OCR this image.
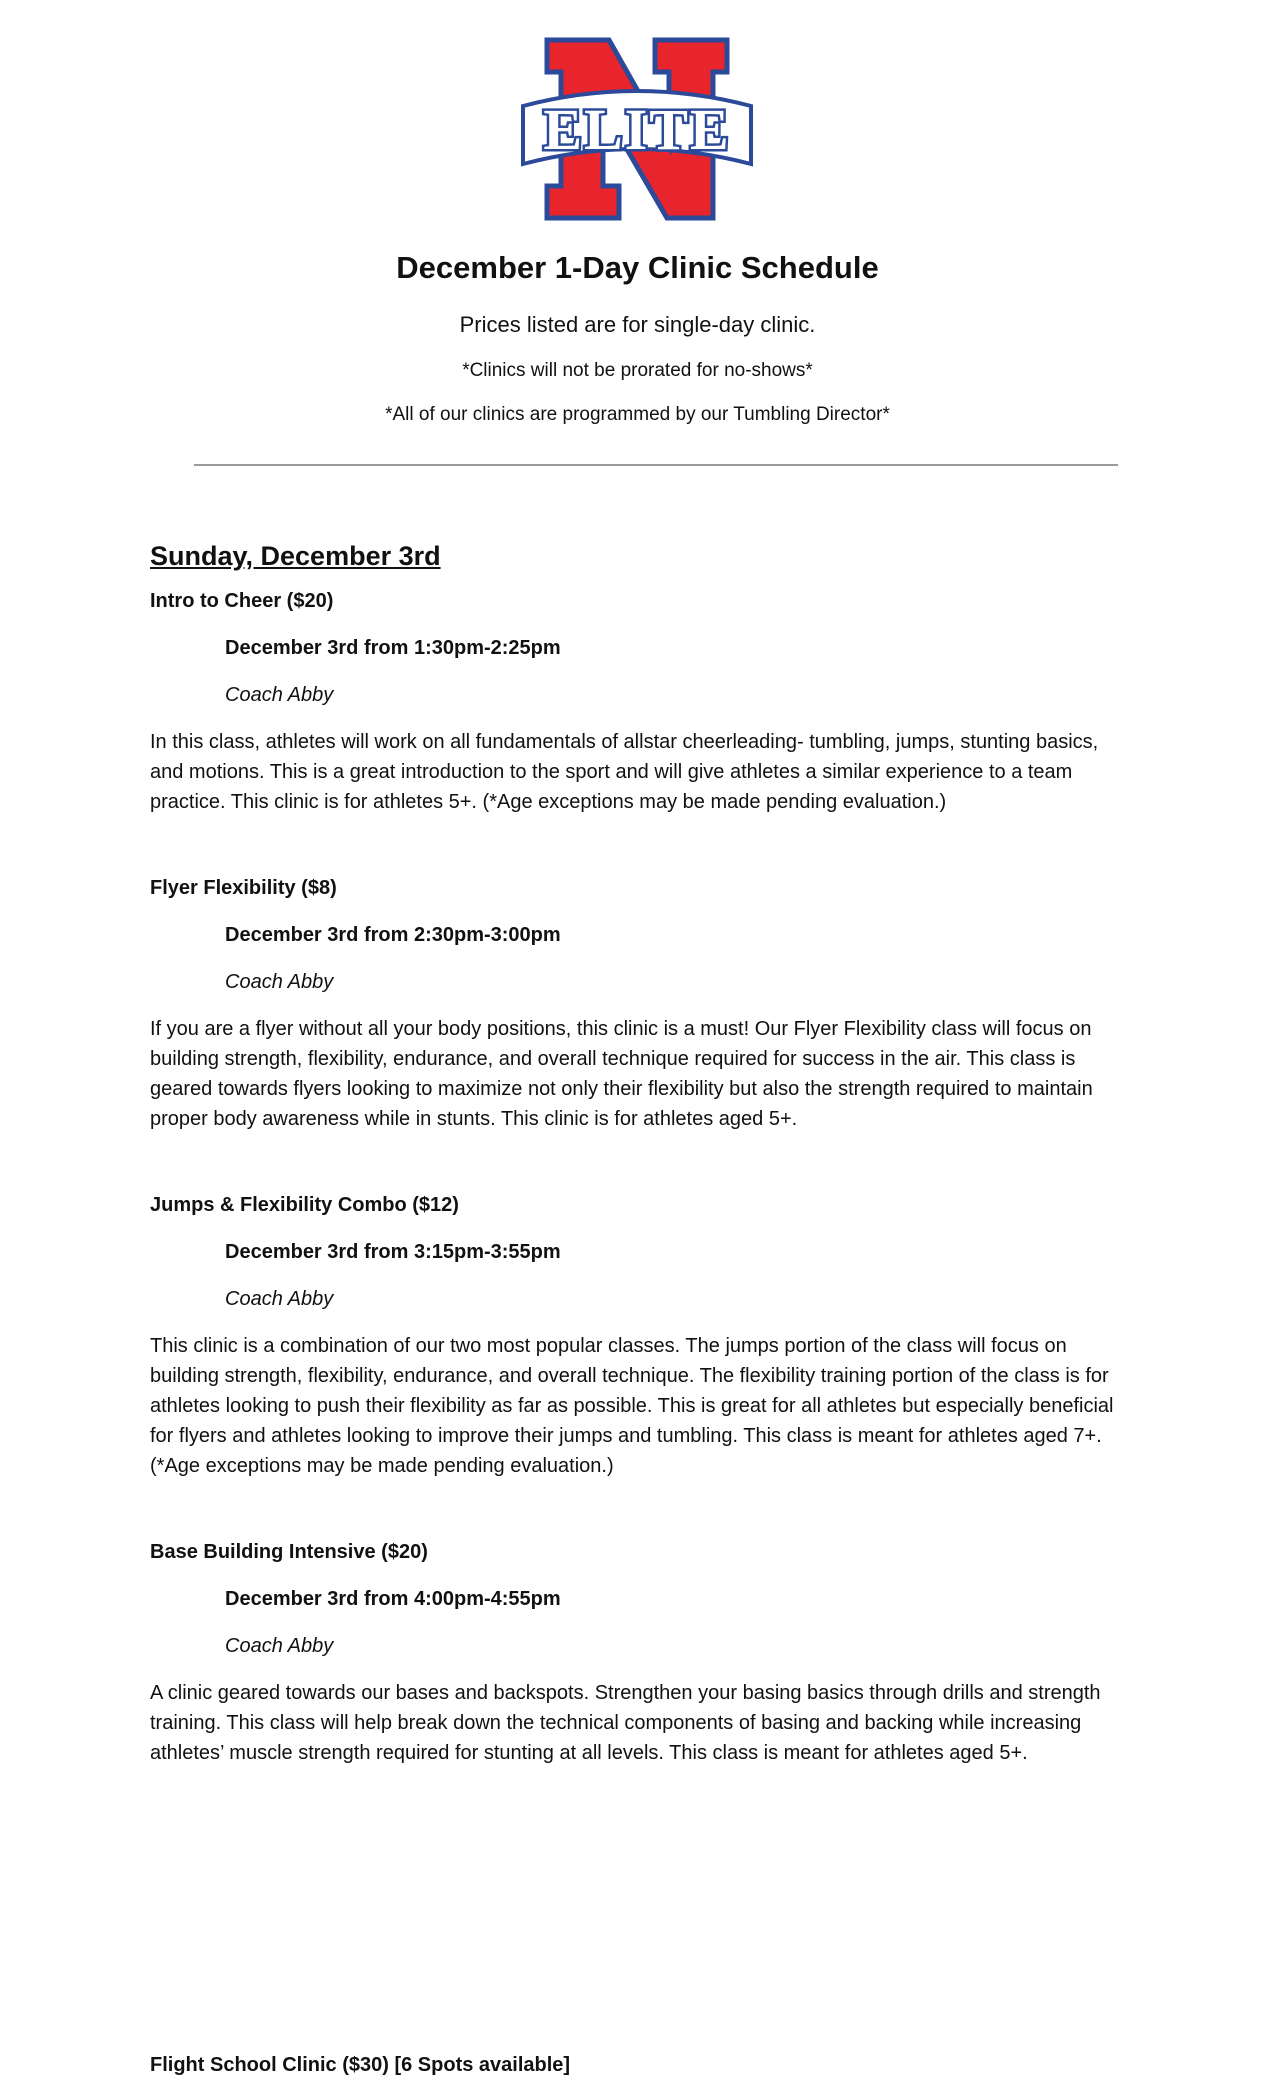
ELITE

December 1-Day Clinic Schedule

Prices listed are for single-day clinic.

*Clinics will not be prorated for no-shows*

*All of our clinics are programmed by our Tumbling Director*

Sunday, December 3rd

Intro to Cheer ($20)

December 3rd from 1:30pm-2:25pm

Coach Abby

In this class, athletes will work on all fundamentals of allstar cheerleading- tumbling, jumps, stunting basics, and motions. This is a great introduction to the sport and will give athletes a similar experience to a team practice. This clinic is for athletes 5+. (*Age exceptions may be made pending evaluation.)

Flyer Flexibility ($8)

December 3rd from 2:30pm-3:00pm

Coach Abby

If you are a flyer without all your body positions, this clinic is a must! Our Flyer Flexibility class will focus on building strength, flexibility, endurance, and overall technique required for success in the air. This class is geared towards flyers looking to maximize not only their flexibility but also the strength required to maintain proper body awareness while in stunts. This clinic is for athletes aged 5+.

Jumps & Flexibility Combo ($12)

December 3rd from 3:15pm-3:55pm

Coach Abby

This clinic is a combination of our two most popular classes. The jumps portion of the class will focus on building strength, flexibility, endurance, and overall technique. The flexibility training portion of the class is for athletes looking to push their flexibility as far as possible. This is great for all athletes but especially beneficial for flyers and athletes looking to improve their jumps and tumbling. This class is meant for athletes aged 7+. (*Age exceptions may be made pending evaluation.)

Base Building Intensive ($20)

December 3rd from 4:00pm-4:55pm

Coach Abby

A clinic geared towards our bases and backspots. Strengthen your basing basics through drills and strength training. This class will help break down the technical components of basing and backing while increasing athletes’ muscle strength required for stunting at all levels. This class is meant for athletes aged 5+.

Flight School Clinic ($30) [6 Spots available]
